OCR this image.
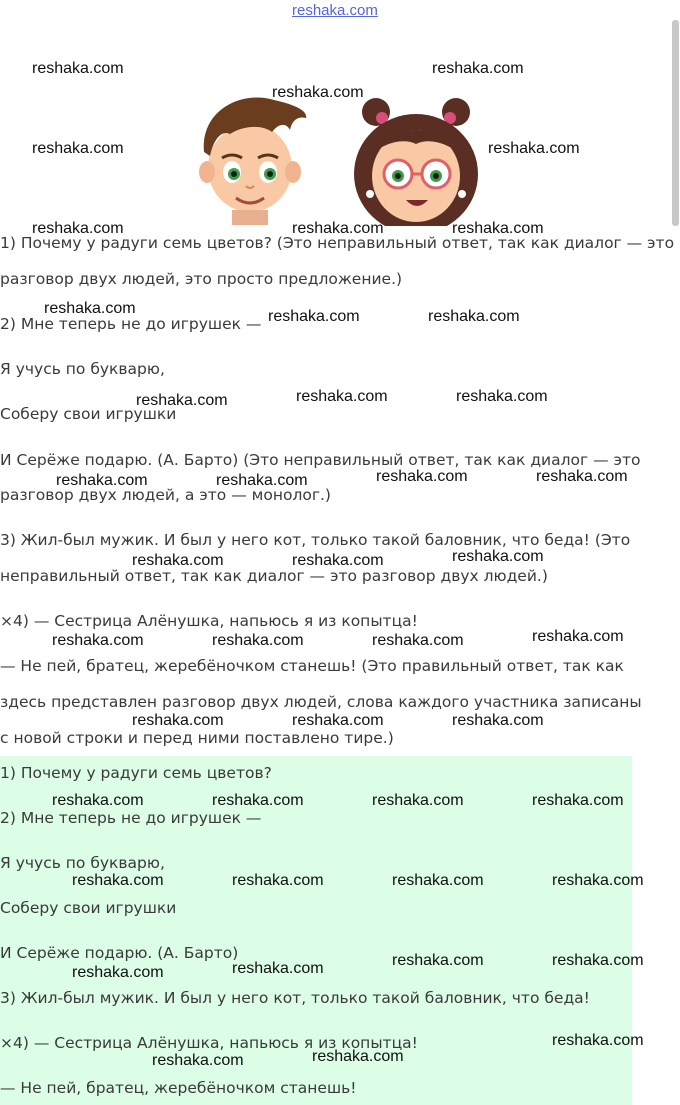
reshaka.com
1) Почему у радуги семь цветов? (Это неправильный ответ, так как диалог — это
разговор двух людей, это просто предложение.)
2) Мне теперь не до игрушек —
Я учусь по букварю,
Соберу свои игрушки
И Серёже подарю. (А. Барто) (Это неправильный ответ, так как диалог — это
разговор двух людей, а это — монолог.)
3) Жил-был мужик. И был у него кот, только такой баловник, что беда! (Это
неправильный ответ, так как диалог — это разговор двух людей.)
×4) — Сестрица Алёнушка, напьюсь я из копытца!
— Не пей, братец, жеребёночком станешь! (Это правильный ответ, так как
здесь представлен разговор двух людей, слова каждого участника записаны
с новой строки и перед ними поставлено тире.)
1) Почему у радуги семь цветов?
2) Мне теперь не до игрушек —
Я учусь по букварю,
Соберу свои игрушки
И Серёже подарю. (А. Барто)
3) Жил-был мужик. И был у него кот, только такой баловник, что беда!
×4) — Сестрица Алёнушка, напьюсь я из копытца!
— Не пей, братец, жеребёночком станешь!
reshaka.com	reshaka.com
reshaka.com
reshaka.com	reshaka.com
reshaka.com	reshaka.com	reshaka.com
reshaka.com	reshaka.com	reshaka.com
reshaka.com	reshaka.com	reshaka.com
reshaka.com	reshaka.com	reshaka.com	reshaka.com
reshaka.com	reshaka.com	reshaka.com
reshaka.com	reshaka.com	reshaka.com	reshaka.com
reshaka.com	reshaka.com	reshaka.com
reshaka.com	reshaka.com	reshaka.com	reshaka.com
reshaka.com	reshaka.com	reshaka.com	reshaka.com
reshaka.com	reshaka.com	reshaka.com	reshaka.com
reshaka.com
reshaka.com	reshaka.com
